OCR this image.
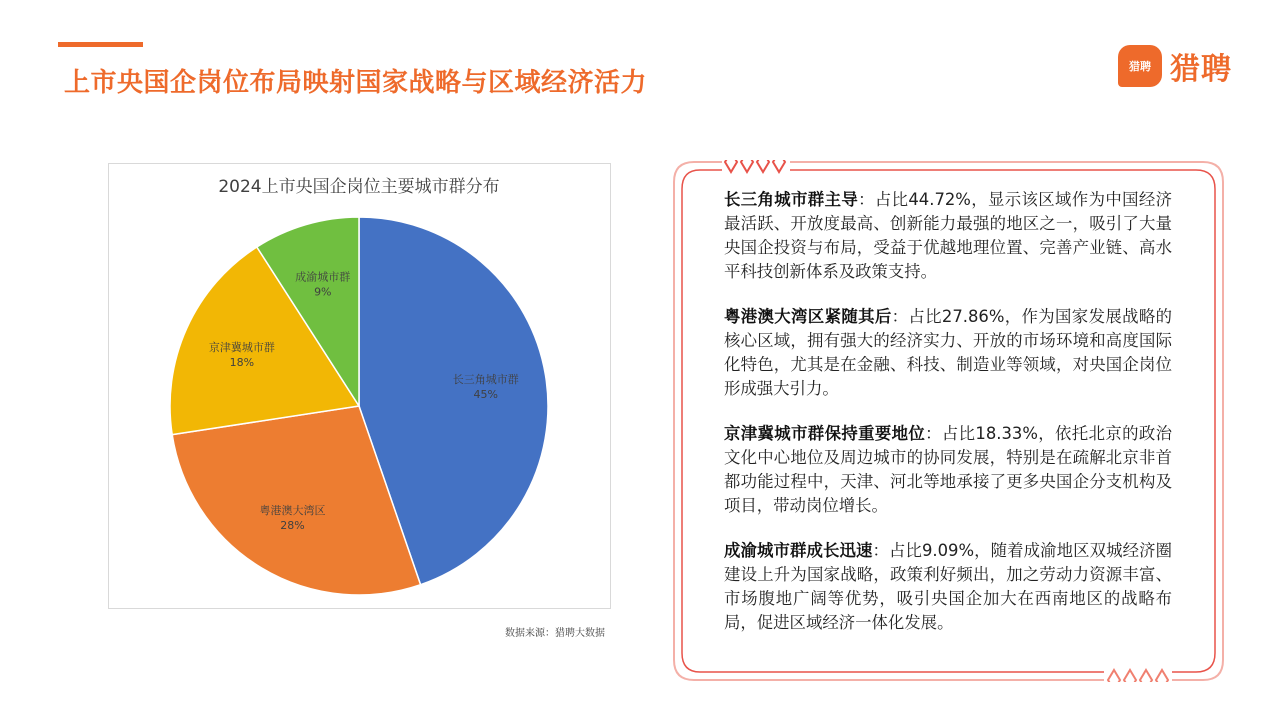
上市央国企岗位布局映射国家战略与区域经济活力
猎聘 猎聘
2024上市央国企岗位主要城市群分布
长三角城市群
45%
粤港澳大湾区
28%
京津冀城市群
18%
成渝城市群
9%
数据来源：猎聘大数据

长三角城市群主导：占比44.72%，显示该区域作为中国经济最活跃、开放度最高、创新能力最强的地区之一，吸引了大量央国企投资与布局，受益于优越地理位置、完善产业链、高水平科技创新体系及政策支持。

粤港澳大湾区紧随其后：占比27.86%，作为国家发展战略的核心区域，拥有强大的经济实力、开放的市场环境和高度国际化特色，尤其是在金融、科技、制造业等领域，对央国企岗位形成强大引力。

京津冀城市群保持重要地位：占比18.33%，依托北京的政治文化中心地位及周边城市的协同发展，特别是在疏解北京非首都功能过程中，天津、河北等地承接了更多央国企分支机构及项目，带动岗位增长。

成渝城市群成长迅速：占比9.09%，随着成渝地区双城经济圈建设上升为国家战略，政策利好频出，加之劳动力资源丰富、市场腹地广阔等优势，吸引央国企加大在西南地区的战略布局，促进区域经济一体化发展。
